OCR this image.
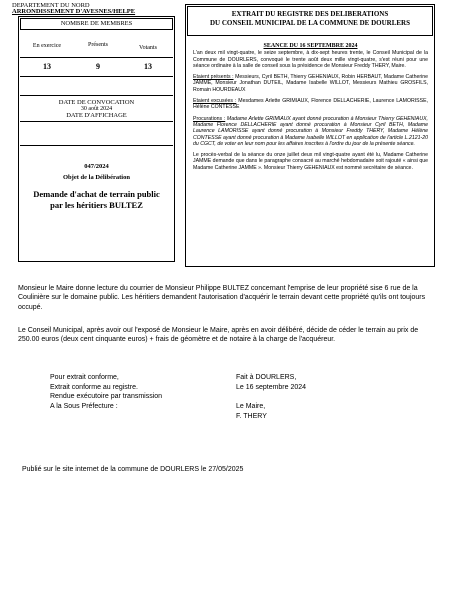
DEPARTEMENT DU NORD
ARRONDISSEMENT D'AVESNES/HELPE
NOMBRE DE MEMBRES
En exercice	Présents	Votants
13	9	13
DATE DE CONVOCATION
30 août 2024
DATE D'AFFICHAGE
047/2024
Objet de la Délibération
Demande d'achat de terrain public par les héritiers BULTEZ
EXTRAIT DU REGISTRE DES DELIBERATIONS
DU CONSEIL MUNICIPAL DE LA COMMUNE DE DOURLERS
SEANCE DU 16 SEPTEMBRE 2024

L'an deux mil vingt-quatre, le seize septembre, à dix-sept heures trente, le Conseil Municipal de la Commune de DOURLERS, convoqué le trente août deux mille vingt-quatre, s'est réuni pour une séance ordinaire à la salle de conseil sous la présidence de Monsieur Freddy THERY, Maire.

Etaient présents : Messieurs, Cyril BETH, Thierry GEHENIAUX, Robin HERBAUT, Madame Catherine JAMME, Monsieur Jonathan DUTEIL, Madame Isabelle WILLOT, Messieurs Mathieu GROSFILS, Romain HOURDEAUX

Etaient excusées : Mesdames Arlette GRIMIAUX, Florence DELLACHERIE, Laurence LAMORISSE, Hélène CONTESSE

Procurations : Madame Arlette GRIMIAUX ayant donné procuration à Monsieur Thierry GEHENIAUX, Madame Florence DELLACHERIE ayant donné procuration à Monsieur Cyril BETH, Madame Laurence LAMORISSE ayant donné procuration à Monsieur Freddy THERY, Madame Hélène CONTESSE ayant donné procuration à Madame Isabelle WILLOT en application de l'article L.2121-20 du CGCT, de voter en leur nom pour les affaires inscrites à l'ordre du jour de la présente séance.

Le procès-verbal de la séance du onze juillet deux mil vingt-quatre ayant été lu, Madame Catherine JAMME demande que dans le paragraphe consacré au marché hebdomadaire soit rajouté « ainsi que Madame Catherine JAMME ». Monsieur Thierry GEHENIAUX est nommé secrétaire de séance.

Monsieur le Maire donne lecture du courrier de Monsieur Philippe BULTEZ concernant l'emprise de leur propriété sise 6 rue de la Coulinière sur le domaine public. Les héritiers demandent l'autorisation d'acquérir le terrain devant cette propriété qu'ils ont toujours occupé.

Le Conseil Municipal, après avoir ouï l'exposé de Monsieur le Maire, après en avoir délibéré, décide de céder le terrain au prix de 250.00 euros (deux cent cinquante euros) + frais de géomètre et de notaire à la charge de l'acquéreur.

Pour extrait conforme,
Extrait conforme au registre.
Rendue exécutoire par transmission
A la Sous Préfecture :
Fait à DOURLERS,
Le 16 septembre 2024
Le Maire,
F. THERY
Publié sur le site internet de la commune de DOURLERS le 27/05/2025
